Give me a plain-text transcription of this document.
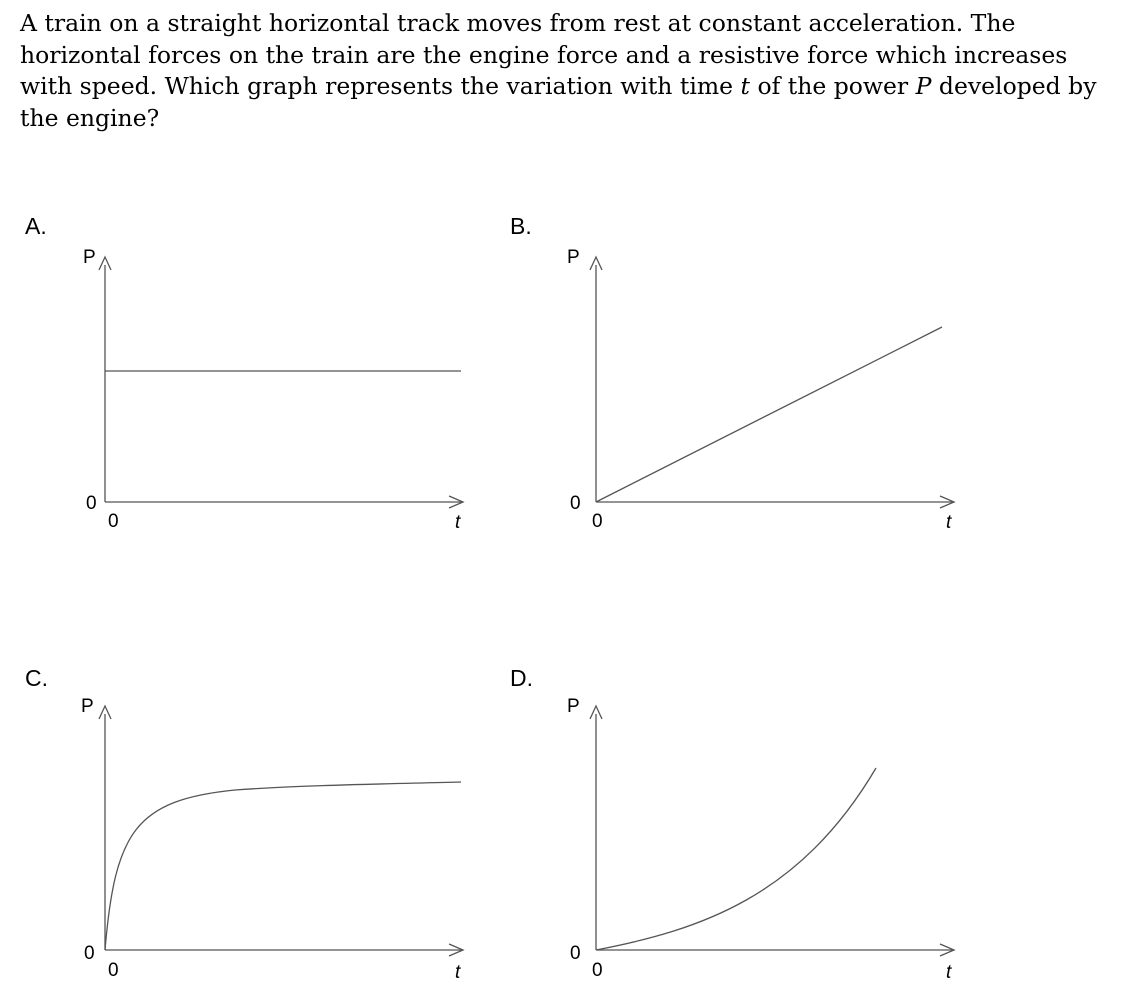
A train on a straight horizontal track moves from rest at constant acceleration. The horizontal forces on the train are the engine force and a resistive force which increases with speed. Which graph represents the variation with time t of the power P developed by the engine?

A.
P
0
0	t
B.
P
0
0	t
C.
P
0
0	t
D.
P
0
0	t
